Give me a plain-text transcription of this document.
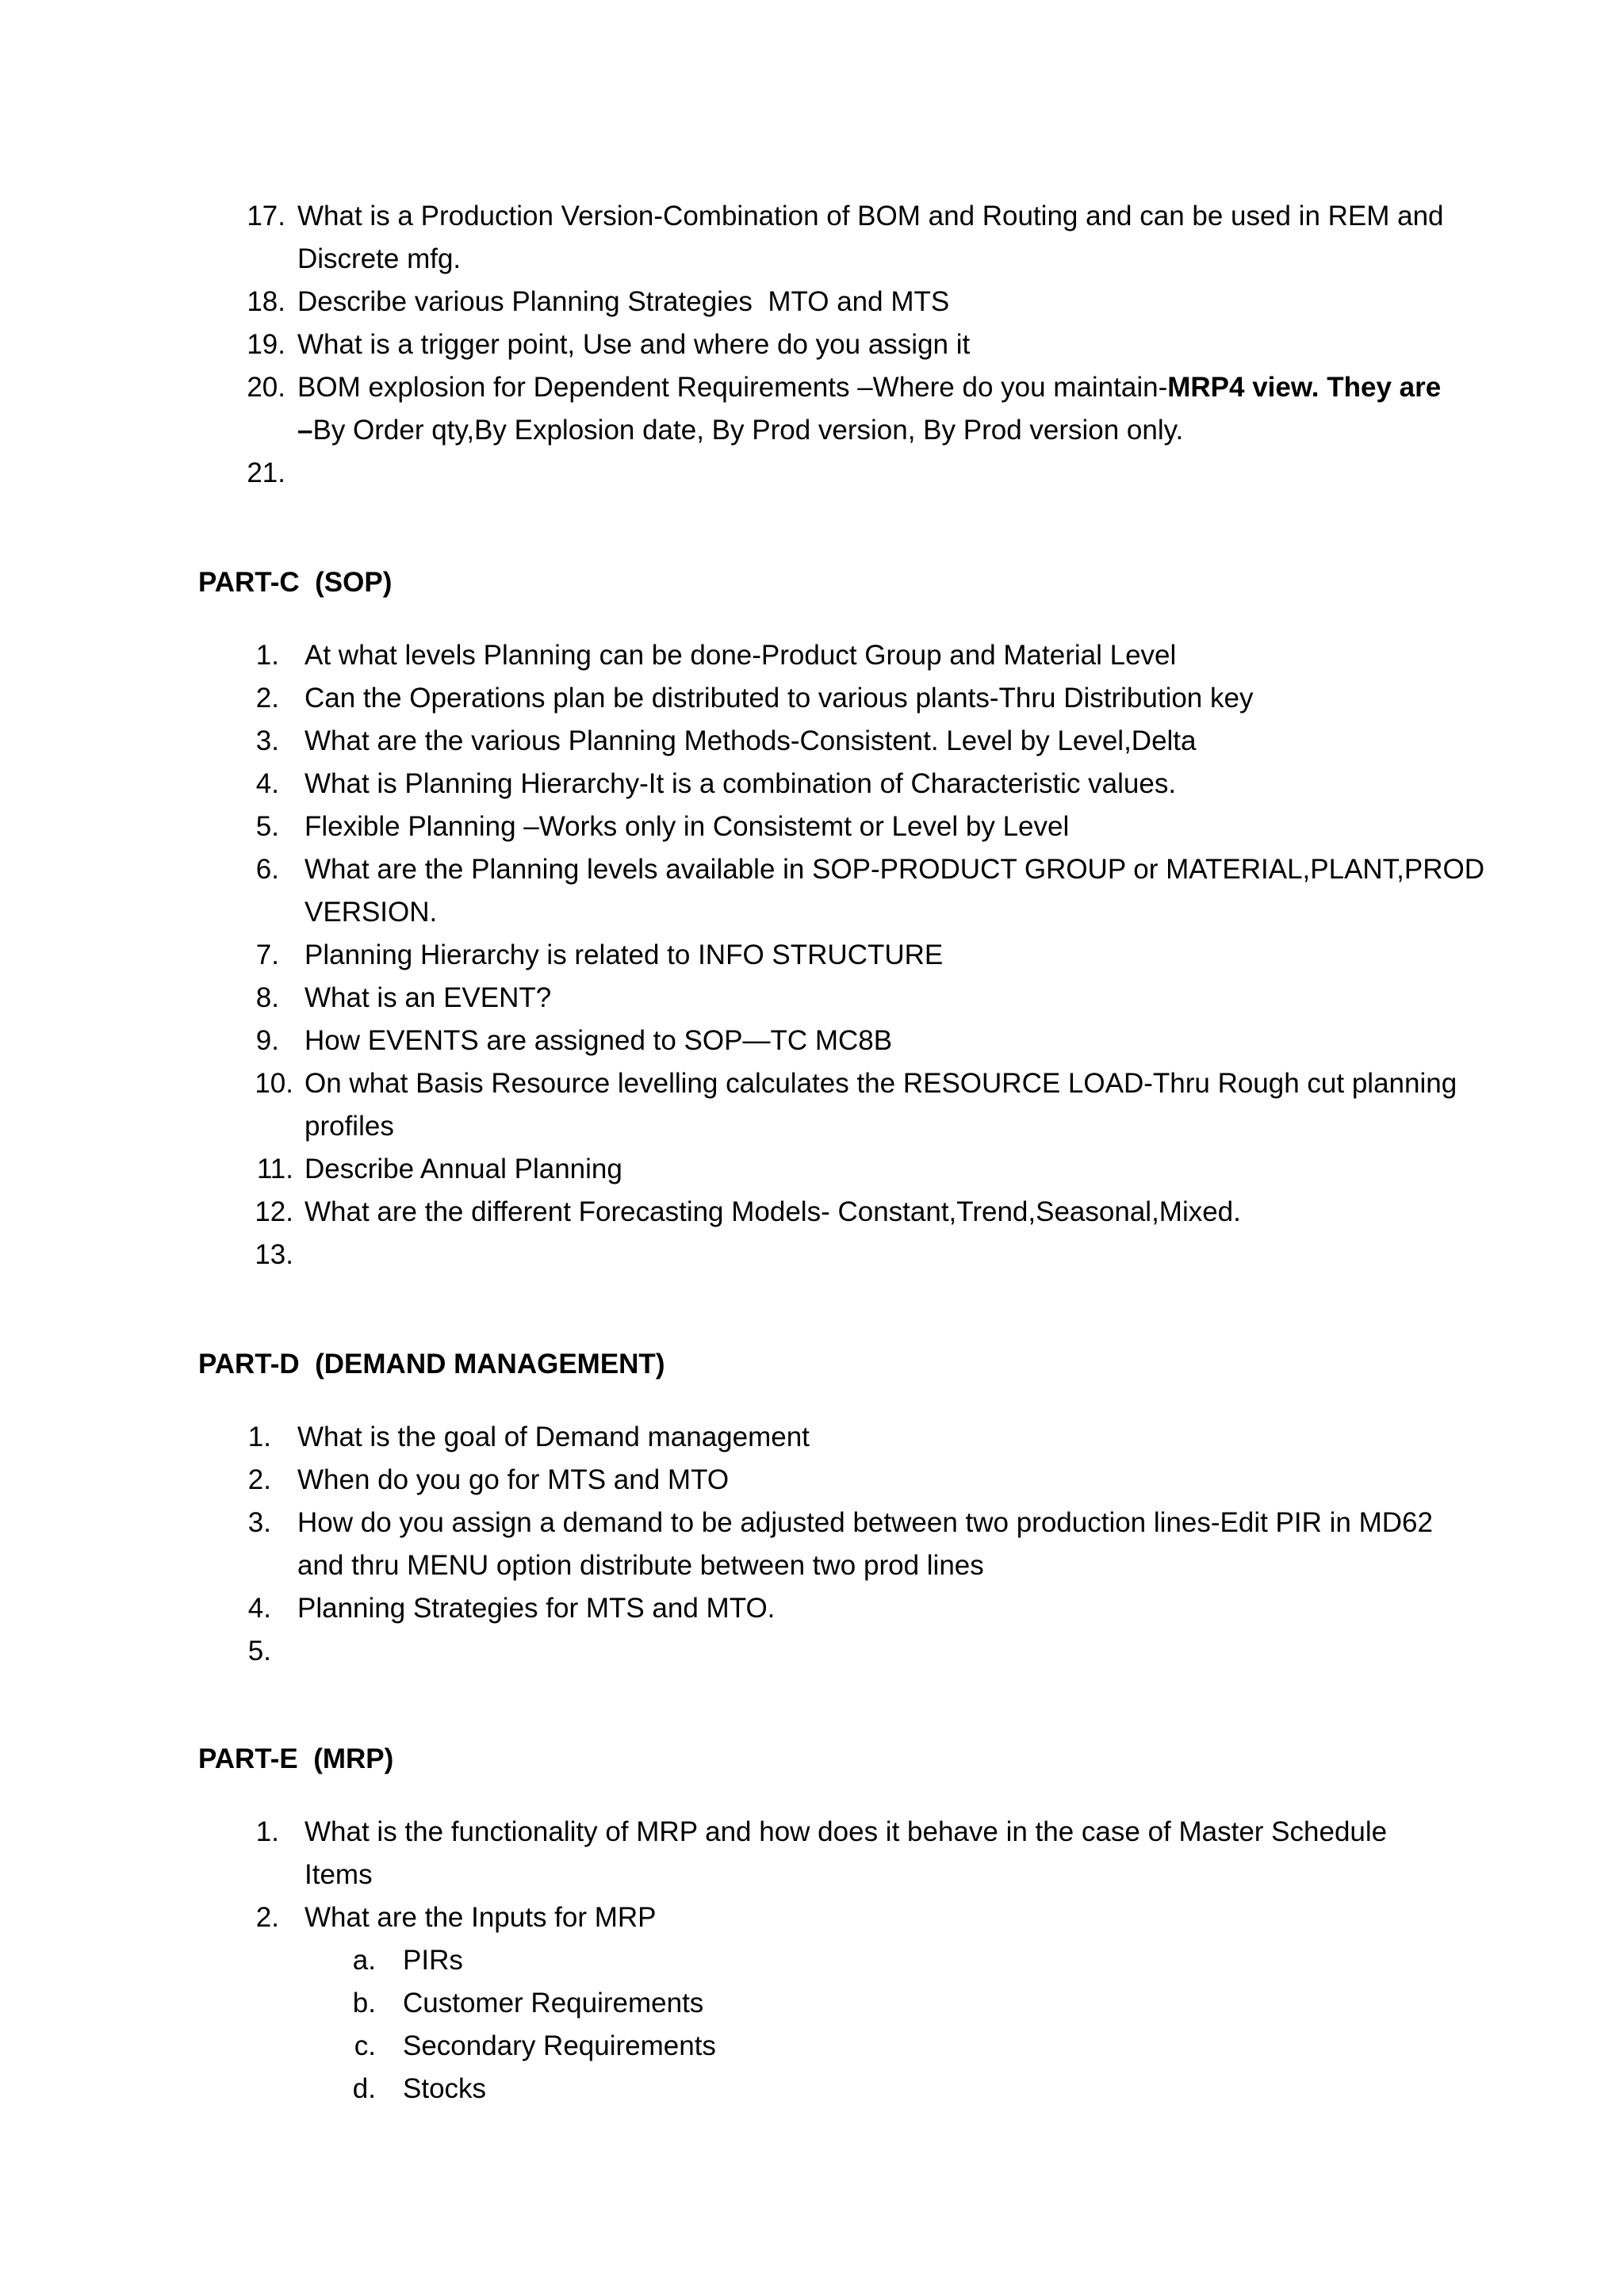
17. What is a Production Version-Combination of BOM and Routing and can be used in REM and
Discrete mfg.
18. Describe various Planning Strategies  MTO and MTS
19. What is a trigger point, Use and where do you assign it
20. BOM explosion for Dependent Requirements –Where do you maintain-MRP4 view. They are
–By Order qty,By Explosion date, By Prod version, By Prod version only.
21.
PART-C  (SOP)
1. At what levels Planning can be done-Product Group and Material Level
2. Can the Operations plan be distributed to various plants-Thru Distribution key
3. What are the various Planning Methods-Consistent. Level by Level,Delta
4. What is Planning Hierarchy-It is a combination of Characteristic values.
5. Flexible Planning –Works only in Consistemt or Level by Level
6. What are the Planning levels available in SOP-PRODUCT GROUP or MATERIAL,PLANT,PROD
VERSION.
7. Planning Hierarchy is related to INFO STRUCTURE
8. What is an EVENT?
9. How EVENTS are assigned to SOP—TC MC8B
10. On what Basis Resource levelling calculates the RESOURCE LOAD-Thru Rough cut planning
profiles
11. Describe Annual Planning
12. What are the different Forecasting Models- Constant,Trend,Seasonal,Mixed.
13.
PART-D  (DEMAND MANAGEMENT)
1. What is the goal of Demand management
2. When do you go for MTS and MTO
3. How do you assign a demand to be adjusted between two production lines-Edit PIR in MD62
and thru MENU option distribute between two prod lines
4. Planning Strategies for MTS and MTO.
5.
PART-E  (MRP)
1. What is the functionality of MRP and how does it behave in the case of Master Schedule
Items
2. What are the Inputs for MRP
a. PIRs
b. Customer Requirements
c. Secondary Requirements
d. Stocks
